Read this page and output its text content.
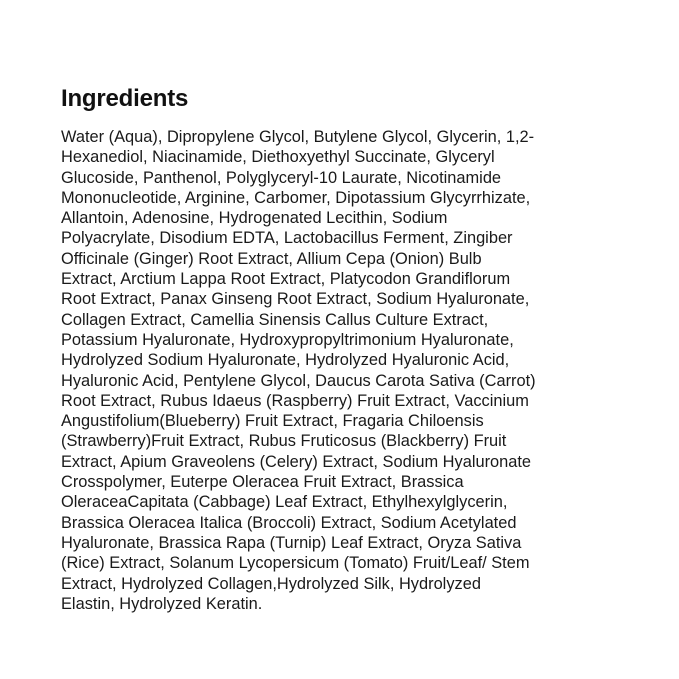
Ingredients
Water (Aqua), Dipropylene Glycol, Butylene Glycol, Glycerin, 1,2-
Hexanediol, Niacinamide, Diethoxyethyl Succinate, Glyceryl
Glucoside, Panthenol, Polyglyceryl-10 Laurate, Nicotinamide
Mononucleotide, Arginine, Carbomer, Dipotassium Glycyrrhizate,
Allantoin, Adenosine, Hydrogenated Lecithin, Sodium
Polyacrylate, Disodium EDTA, Lactobacillus Ferment, Zingiber
Officinale (Ginger) Root Extract, Allium Cepa (Onion) Bulb
Extract, Arctium Lappa Root Extract, Platycodon Grandiflorum
Root Extract, Panax Ginseng Root Extract, Sodium Hyaluronate,
Collagen Extract, Camellia Sinensis Callus Culture Extract,
Potassium Hyaluronate, Hydroxypropyltrimonium Hyaluronate,
Hydrolyzed Sodium Hyaluronate, Hydrolyzed Hyaluronic Acid,
Hyaluronic Acid, Pentylene Glycol, Daucus Carota Sativa (Carrot)
Root Extract, Rubus Idaeus (Raspberry) Fruit Extract, Vaccinium
Angustifolium(Blueberry) Fruit Extract, Fragaria Chiloensis
(Strawberry)Fruit Extract, Rubus Fruticosus (Blackberry) Fruit
Extract, Apium Graveolens (Celery) Extract, Sodium Hyaluronate
Crosspolymer, Euterpe Oleracea Fruit Extract, Brassica
OleraceaCapitata (Cabbage) Leaf Extract, Ethylhexylglycerin,
Brassica Oleracea Italica (Broccoli) Extract, Sodium Acetylated
Hyaluronate, Brassica Rapa (Turnip) Leaf Extract, Oryza Sativa
(Rice) Extract, Solanum Lycopersicum (Tomato) Fruit/Leaf/ Stem
Extract, Hydrolyzed Collagen,Hydrolyzed Silk, Hydrolyzed
Elastin, Hydrolyzed Keratin.
